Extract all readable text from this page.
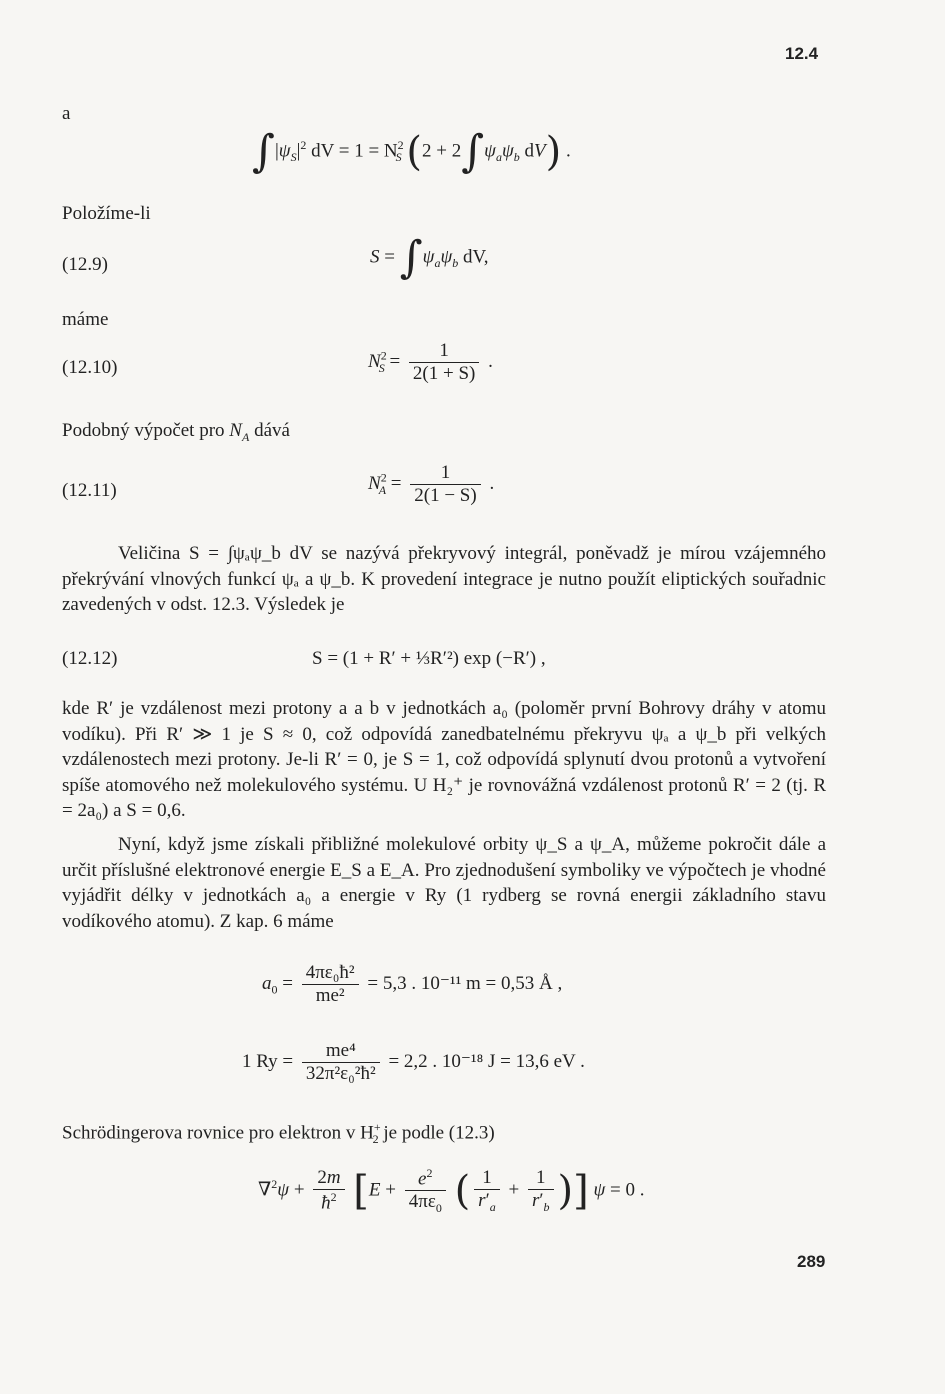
12.4
a
$\int|\psi_S|^2$ dV = $1 = N^2_S$ ($2 + 2\int\psi_a\psi_b$ dV) .
Položíme-li
(12.9)	$S = \int\psi_a\psi_b$ dV,
máme
(12.10)	$N^2_S = \frac{1}{2(1 + S)}$ .
Podobný výpočet pro $N_A$ dává
(12.11)	$N^2_A = \frac{1}{2(1 - S)}$ .

Veličina S = ∫ψₐψ_b dV se nazývá překryvový integrál, poněvadž je mírou vzájemného překrývání vlnových funkcí ψₐ a ψ_b. K provedení integrace je nutno použít eliptických souřadnic zavedených v odst. 12.3. Výsledek je

(12.12)	S = (1 + R′ + ⅓R′²) exp (−R′) ,

kde R′ je vzdálenost mezi protony a a b v jednotkách a₀ (poloměr první Bohrovy dráhy v atomu vodíku). Při R′ ≫ 1 je S ≈ 0, což odpovídá zanedbatelnému překryvu ψₐ a ψ_b při velkých vzdálenostech mezi protony. Je-li R′ = 0, je S = 1, což odpovídá splynutí dvou protonů a vytvoření spíše atomového než molekulového systému. U H₂⁺ je rovnovážná vzdálenost protonů R′ = 2 (tj. R = 2a₀) a S = 0,6.

Nyní, když jsme získali přibližné molekulové orbity ψ_S a ψ_A, můžeme pokročit dále a určit příslušné elektronové energie E_S a E_A. Pro zjednodušení symboliky ve výpočtech je vhodné vyjádřit délky v jednotkách a₀ a energie v Ry (1 rydberg se rovná energii základního stavu vodíkového atomu). Z kap. 6 máme

$a_0 = \frac{\text{4πε₀ħ²}}{\text{me²}} = 5,3$ . 10⁻¹¹ m = 0,53 Å ,
1 $Ry = \frac{\text{me⁴}}{\text{32π²ε₀²ħ²}} = 2,2$ . 10⁻¹⁸ J = 13,6 eV .
Schrödingerova rovnice pro elektron v $H^+_2$ je podle (12.3)
$\nabla^2\psi + \frac{2m}{ħ^2} [E + \frac{e^2}{4\pi\varepsilon_0}$ ( $\frac{1}{r'_a} + \frac{1}{r'_b}$ )] ψ = 0 .
289
